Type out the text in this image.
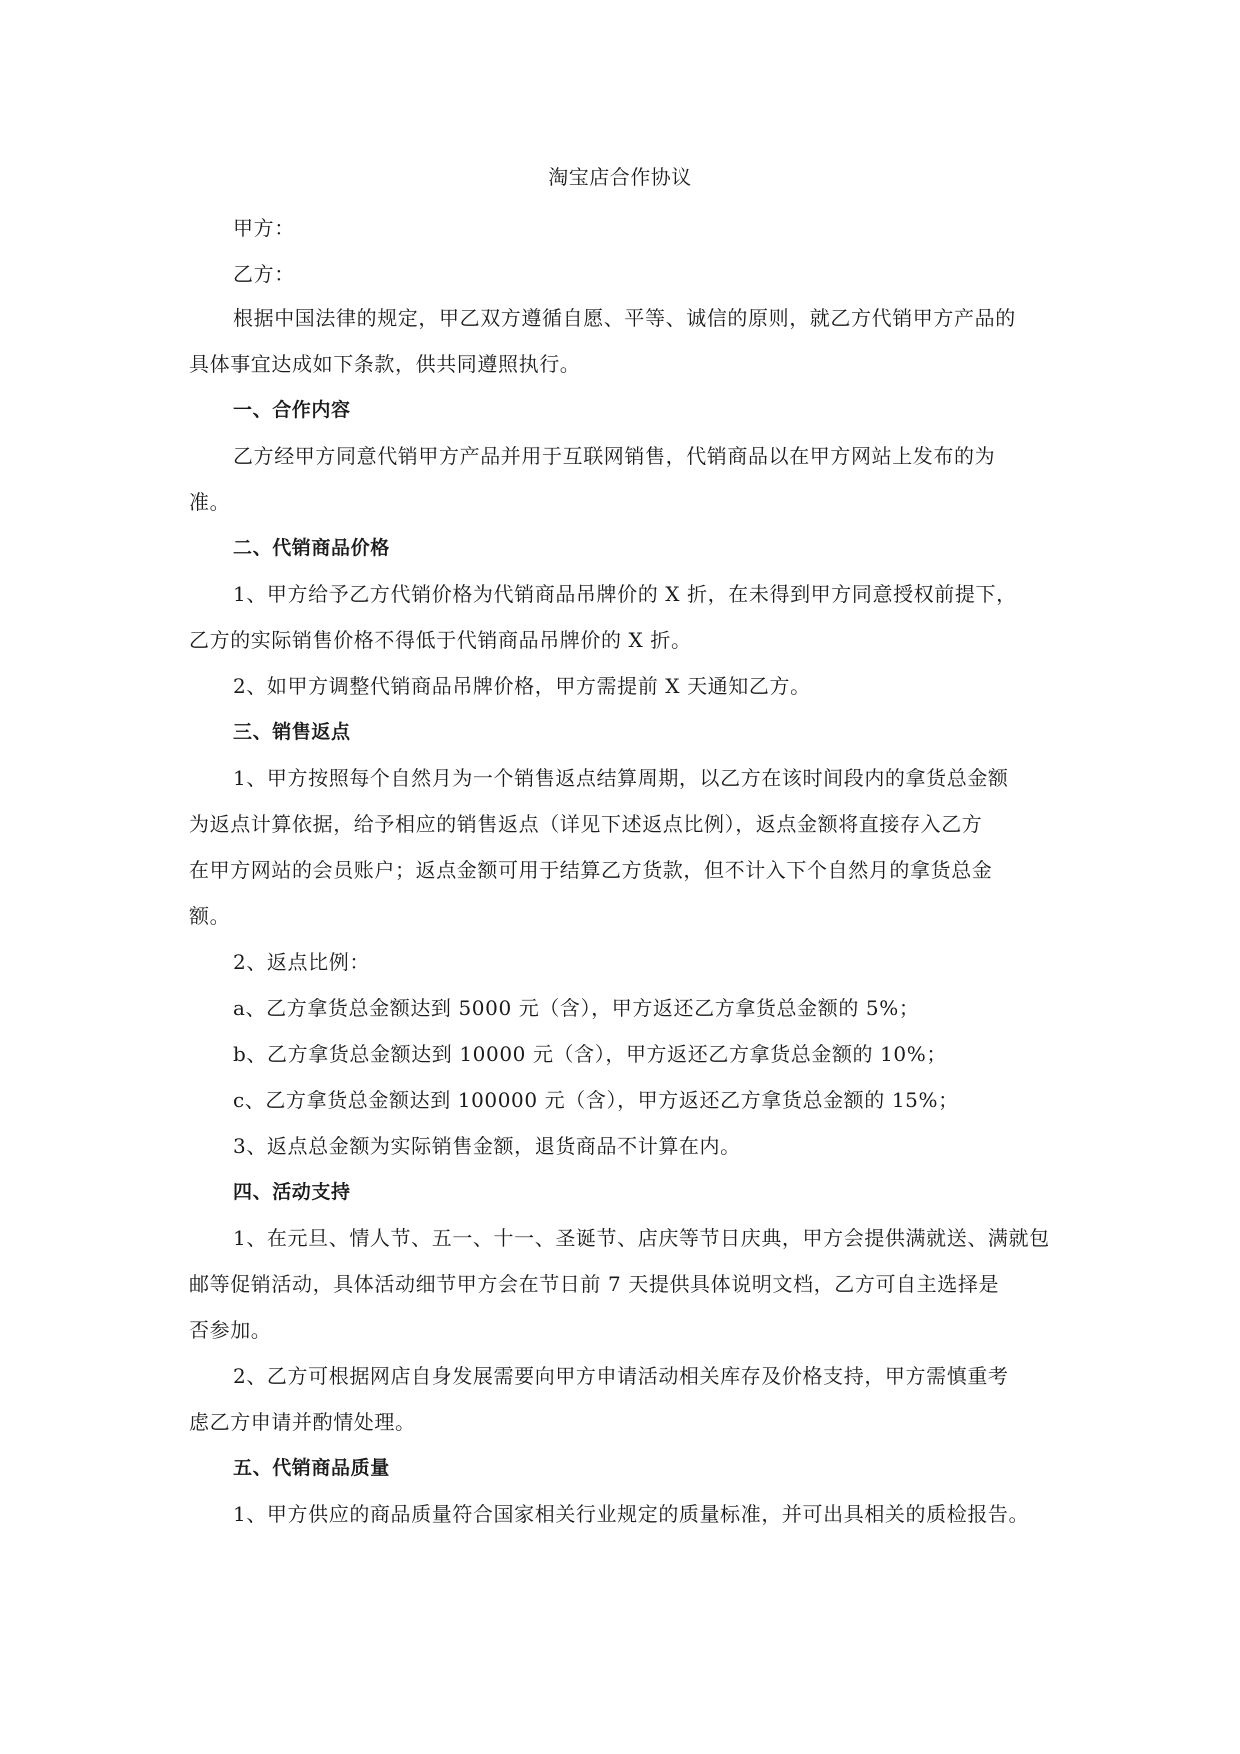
淘宝店合作协议
甲方：
乙方：
根据中国法律的规定，甲乙双方遵循自愿、平等、诚信的原则，就乙方代销甲方产品的
具体事宜达成如下条款，供共同遵照执行。
一、合作内容
乙方经甲方同意代销甲方产品并用于互联网销售，代销商品以在甲方网站上发布的为
准。
二、代销商品价格
1、甲方给予乙方代销价格为代销商品吊牌价的 X 折，在未得到甲方同意授权前提下，
乙方的实际销售价格不得低于代销商品吊牌价的 X 折。
2、如甲方调整代销商品吊牌价格，甲方需提前 X 天通知乙方。
三、销售返点
1、甲方按照每个自然月为一个销售返点结算周期，以乙方在该时间段内的拿货总金额
为返点计算依据，给予相应的销售返点（详见下述返点比例），返点金额将直接存入乙方
在甲方网站的会员账户；返点金额可用于结算乙方货款，但不计入下个自然月的拿货总金
额。
2、返点比例：
a、乙方拿货总金额达到 5000 元（含），甲方返还乙方拿货总金额的 5%；
b、乙方拿货总金额达到 10000 元（含），甲方返还乙方拿货总金额的 10%；
c、乙方拿货总金额达到 100000 元（含），甲方返还乙方拿货总金额的 15%；
3、返点总金额为实际销售金额，退货商品不计算在内。
四、活动支持
1、在元旦、情人节、五一、十一、圣诞节、店庆等节日庆典，甲方会提供满就送、满就包
邮等促销活动，具体活动细节甲方会在节日前 7 天提供具体说明文档，乙方可自主选择是
否参加。
2、乙方可根据网店自身发展需要向甲方申请活动相关库存及价格支持，甲方需慎重考
虑乙方申请并酌情处理。
五、代销商品质量
1、甲方供应的商品质量符合国家相关行业规定的质量标准，并可出具相关的质检报告。
